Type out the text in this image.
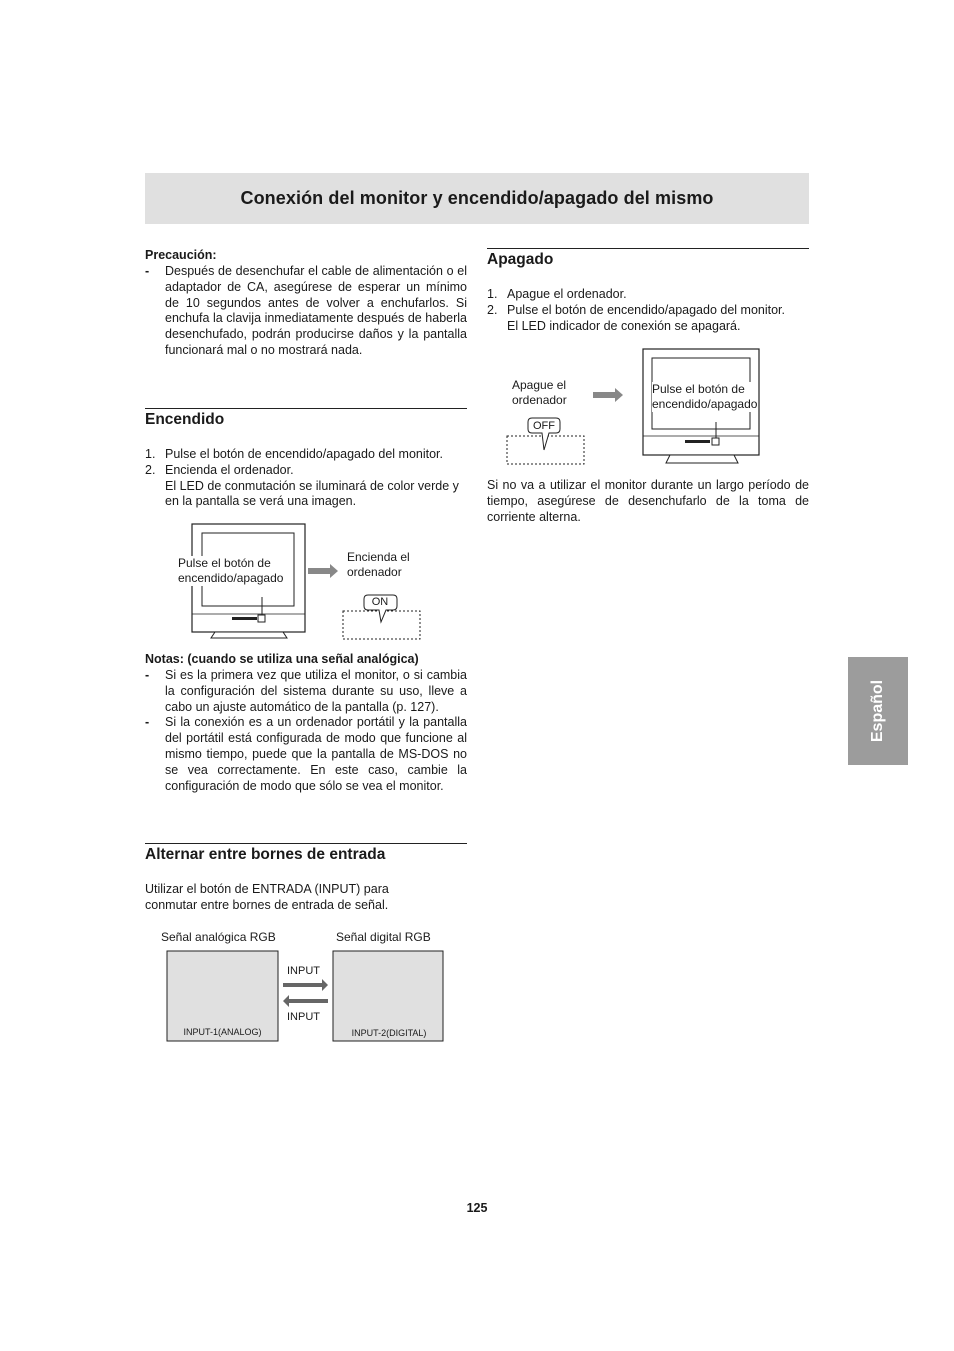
Conexión del monitor y encendido/apagado del mismo
Precaución:
-	Después de desenchufar el cable de alimentación o el adaptador de CA, asegúrese de esperar un mínimo de 10 segundos antes de volver a enchufarlos. Si enchufa la clavija inmediatamente después de haberla desenchufado, podrán producirse daños y la pantalla funcionará mal o no mostrará nada.
Encendido
1. Pulse el botón de encendido/apagado del monitor.
2. Encienda el ordenador.
El LED de conmutación se iluminará de color verde y en la pantalla se verá una imagen.
Pulse el botón de
encendido/apagado
Encienda el
ordenador
ON
Notas: (cuando se utiliza una señal analógica)
-	Si es la primera vez que utiliza el monitor, o si cambia la configuración del sistema durante su uso, lleve a cabo un ajuste automático de la pantalla (p. 127).
-	Si la conexión es a un ordenador portátil y la pantalla del portátil está configurada de modo que funcione al mismo tiempo, puede que la pantalla de MS-DOS no se vea correctamente. En este caso, cambie la configuración de modo que sólo se vea el monitor.
Alternar entre bornes de entrada
Utilizar el botón de ENTRADA (INPUT) para conmutar entre bornes de entrada de señal.
Señal analógica RGB	Señal digital RGB
INPUT
INPUT
INPUT-1(ANALOG)	INPUT-2(DIGITAL)
Apagado
1. Apague el ordenador.
2. Pulse el botón de encendido/apagado del monitor.
El LED indicador de conexión se apagará.
Apague el
ordenador
Pulse el botón de
encendido/apagado
OFF
Si no va a utilizar el monitor durante un largo período de tiempo, asegúrese de desenchufarlo de la toma de corriente alterna.
Español
125
